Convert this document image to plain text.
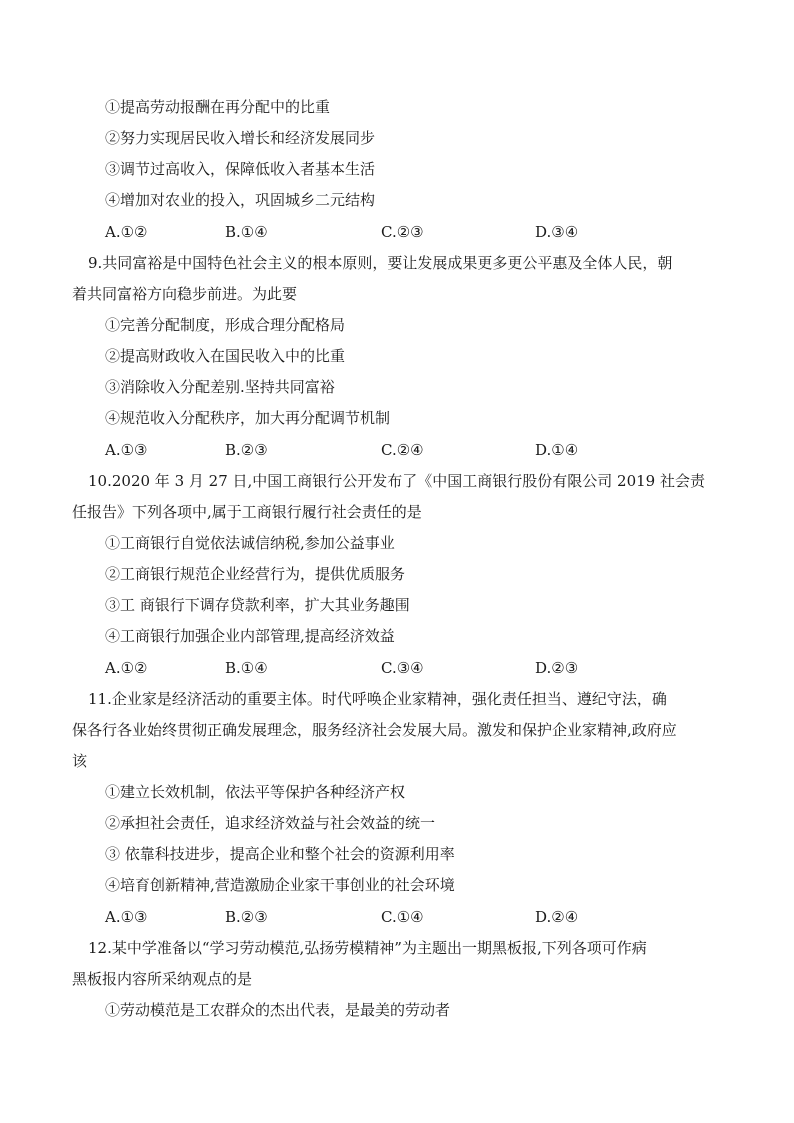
①提高劳动报酬在再分配中的比重
②努力实现居民收入增长和经济发展同步
③调节过高收入，保障低收入者基本生活
④增加对农业的投入，巩固城乡二元结构
A.①②	B.①④	C.②③	D.③④
9.共同富裕是中国特色社会主义的根本原则，要让发展成果更多更公平惠及全体人民，朝
着共同富裕方向稳步前进。为此要
①完善分配制度，形成合理分配格局
②提高财政收入在国民收入中的比重
③消除收入分配差别.坚持共同富裕
④规范收入分配秩序，加大再分配调节机制
A.①③	B.②③	C.②④	D.①④
10.2020 年 3 月 27 日,中国工商银行公开发布了《中国工商银行股份有限公司 2019 社会责
任报告》下列各项中,属于工商银行履行社会责任的是
①工商银行自觉依法诚信纳税,参加公益事业
②工商银行规范企业经营行为，提供优质服务
③工 商银行下调存贷款利率，扩大其业务趣围
④工商银行加强企业内部管理,提高经济效益
A.①②	B.①④	C.③④	D.②③
11.企业家是经济活动的重要主体。时代呼唤企业家精神，强化责任担当、遵纪守法，确
保各行各业始终贯彻正确发展理念，服务经济社会发展大局。激发和保护企业家精神,政府应
该
①建立长效机制，依法平等保护各种经济产权
②承担社会责任，追求经济效益与社会效益的统一
③ 依靠科技进步，提高企业和整个社会的资源利用率
④培育创新精神,营造激励企业家干事创业的社会环境
A.①③	B.②③	C.①④	D.②④
12.某中学准备以“学习劳动模范,弘扬劳模精神”为主题出一期黑板报,下列各项可作病
黑板报内容所采纳观点的是
①劳动模范是工农群众的杰出代表，是最美的劳动者
